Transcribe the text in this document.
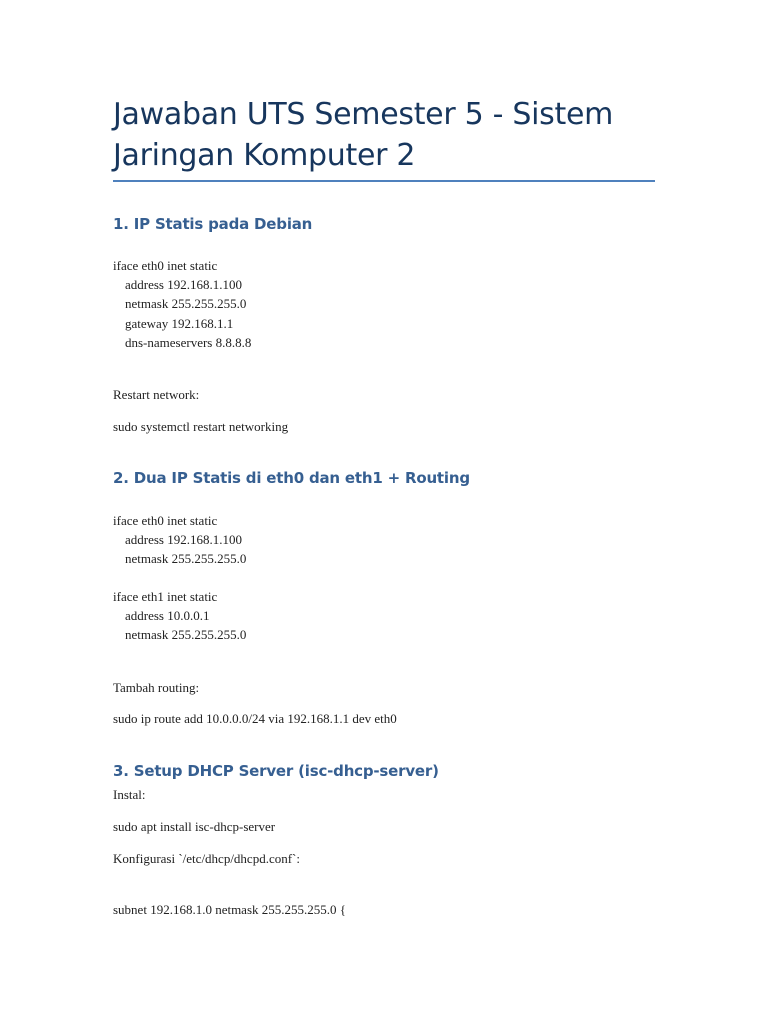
Jawaban UTS Semester 5 - Sistem
Jaringan Komputer 2
1. IP Statis pada Debian
iface eth0 inet static
address 192.168.1.100
netmask 255.255.255.0
gateway 192.168.1.1
dns-nameservers 8.8.8.8
Restart network:
sudo systemctl restart networking
2. Dua IP Statis di eth0 dan eth1 + Routing
iface eth0 inet static
address 192.168.1.100
netmask 255.255.255.0
iface eth1 inet static
address 10.0.0.1
netmask 255.255.255.0
Tambah routing:
sudo ip route add 10.0.0.0/24 via 192.168.1.1 dev eth0
3. Setup DHCP Server (isc-dhcp-server)
Instal:
sudo apt install isc-dhcp-server
Konfigurasi `/etc/dhcp/dhcpd.conf`:
subnet 192.168.1.0 netmask 255.255.255.0 {
